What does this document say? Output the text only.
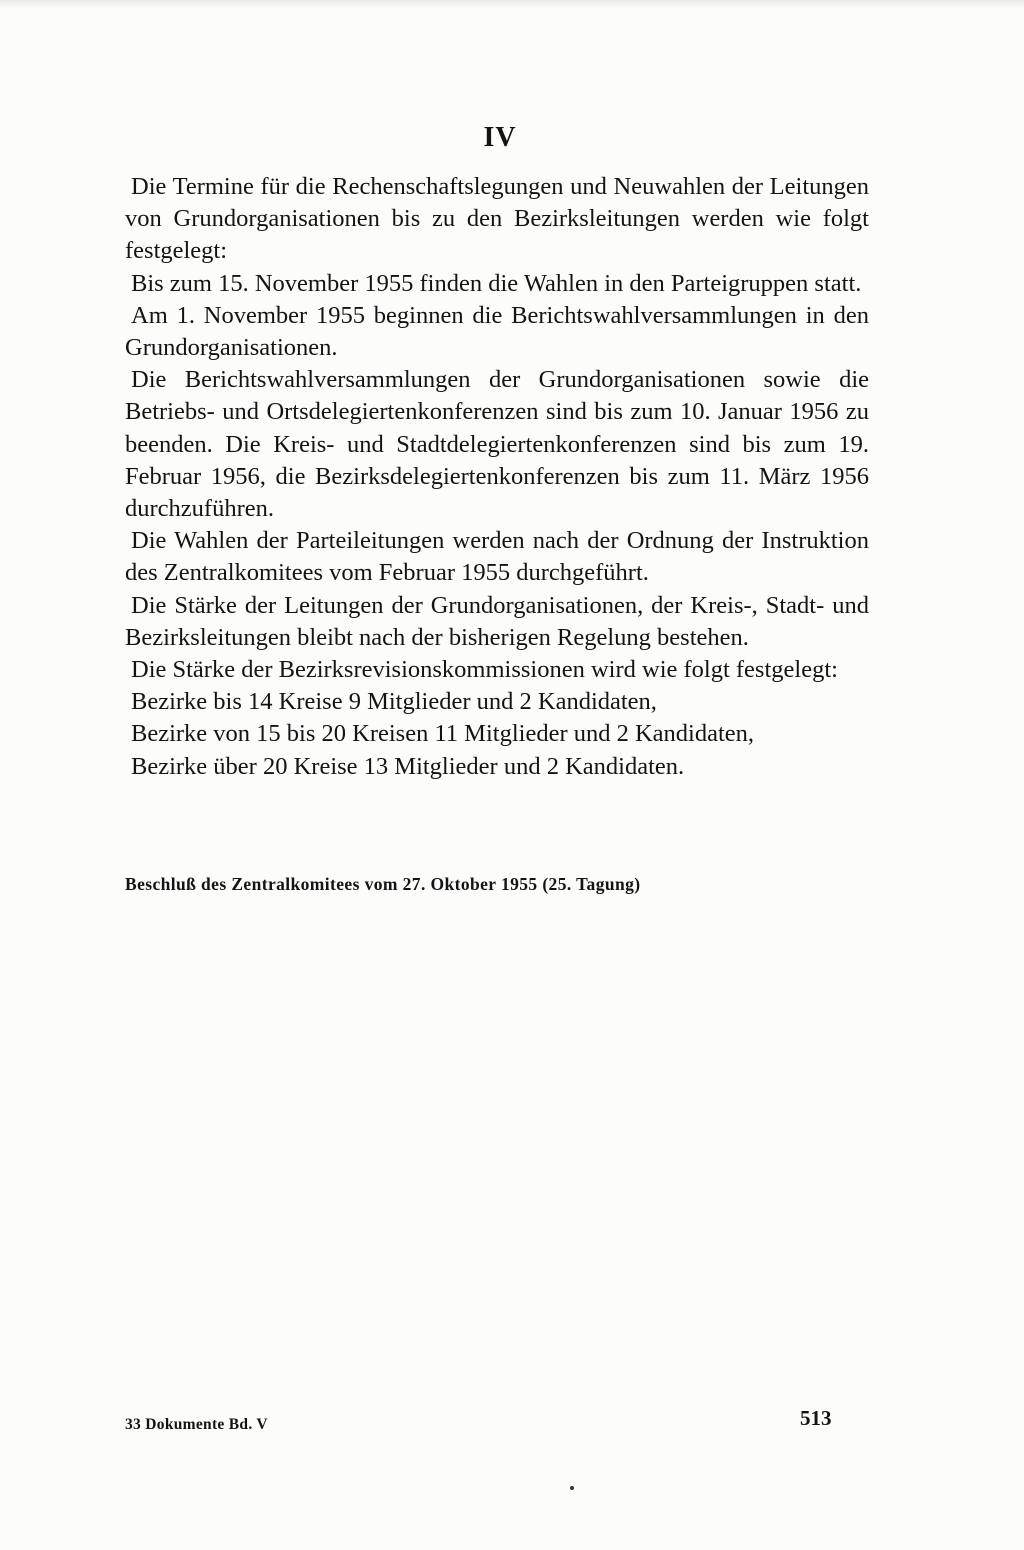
IV

Die Termine für die Rechenschaftslegungen und Neuwahlen der Leitungen von Grundorganisationen bis zu den Bezirksleitungen werden wie folgt festgelegt:

Bis zum 15. November 1955 finden die Wahlen in den Parteigruppen statt.

Am 1. November 1955 beginnen die Berichtswahlversammlungen in den Grundorganisationen.

Die Berichtswahlversammlungen der Grundorganisationen sowie die Betriebs- und Ortsdelegiertenkonferenzen sind bis zum 10. Januar 1956 zu beenden. Die Kreis- und Stadtdelegiertenkonferenzen sind bis zum 19. Februar 1956, die Bezirksdelegiertenkonferenzen bis zum 11. März 1956 durchzuführen.

Die Wahlen der Parteileitungen werden nach der Ordnung der Instruktion des Zentralkomitees vom Februar 1955 durchgeführt.

Die Stärke der Leitungen der Grundorganisationen, der Kreis-, Stadt- und Bezirksleitungen bleibt nach der bisherigen Regelung bestehen.

Die Stärke der Bezirksrevisionskommissionen wird wie folgt festgelegt:

Bezirke bis 14 Kreise 9 Mitglieder und 2 Kandidaten,
Bezirke von 15 bis 20 Kreisen 11 Mitglieder und 2 Kandidaten,
Bezirke über 20 Kreise 13 Mitglieder und 2 Kandidaten.
Beschluß des Zentralkomitees vom 27. Oktober 1955 (25. Tagung)
33 Dokumente Bd. V	513
